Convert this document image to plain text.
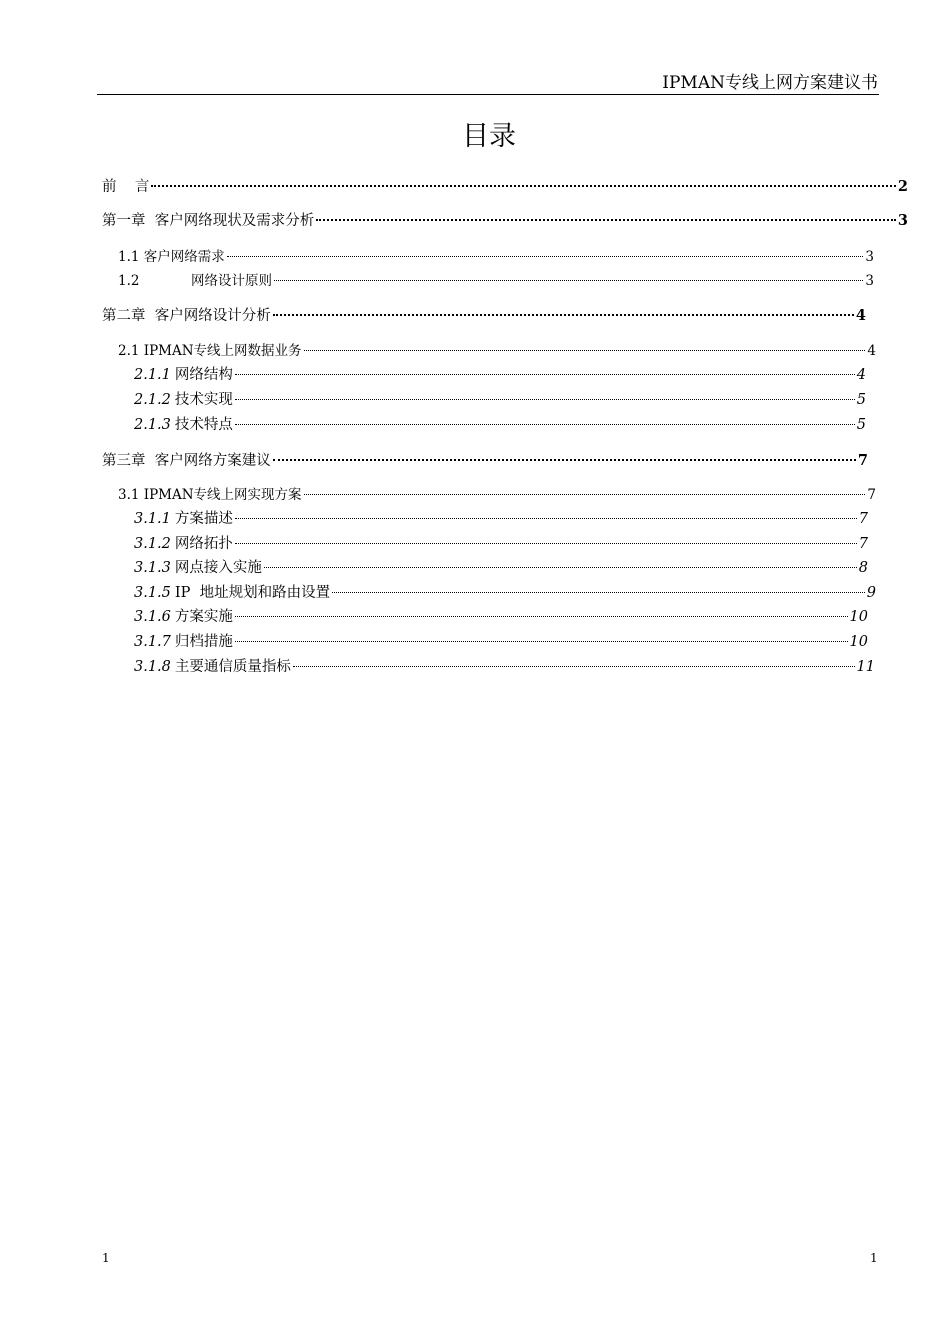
IPMAN专线上网方案建议书
目录
前    言	2
第一章  客户网络现状及需求分析	3
1.1 客户网络需求	3
1.2            网络设计原则	3
第二章  客户网络设计分析	4
2.1 IPMAN专线上网数据业务	4
2.1.1 网络结构	4
2.1.2 技术实现	5
2.1.3 技术特点	5
第三章  客户网络方案建议	7
3.1 IPMAN专线上网实现方案	7
3.1.1 方案描述	7
3.1.2 网络拓扑	7
3.1.3 网点接入实施	8
3.1.5 IP  地址规划和路由设置	9
3.1.6 方案实施	10
3.1.7 归档措施	10
3.1.8 主要通信质量指标	11
1	1
